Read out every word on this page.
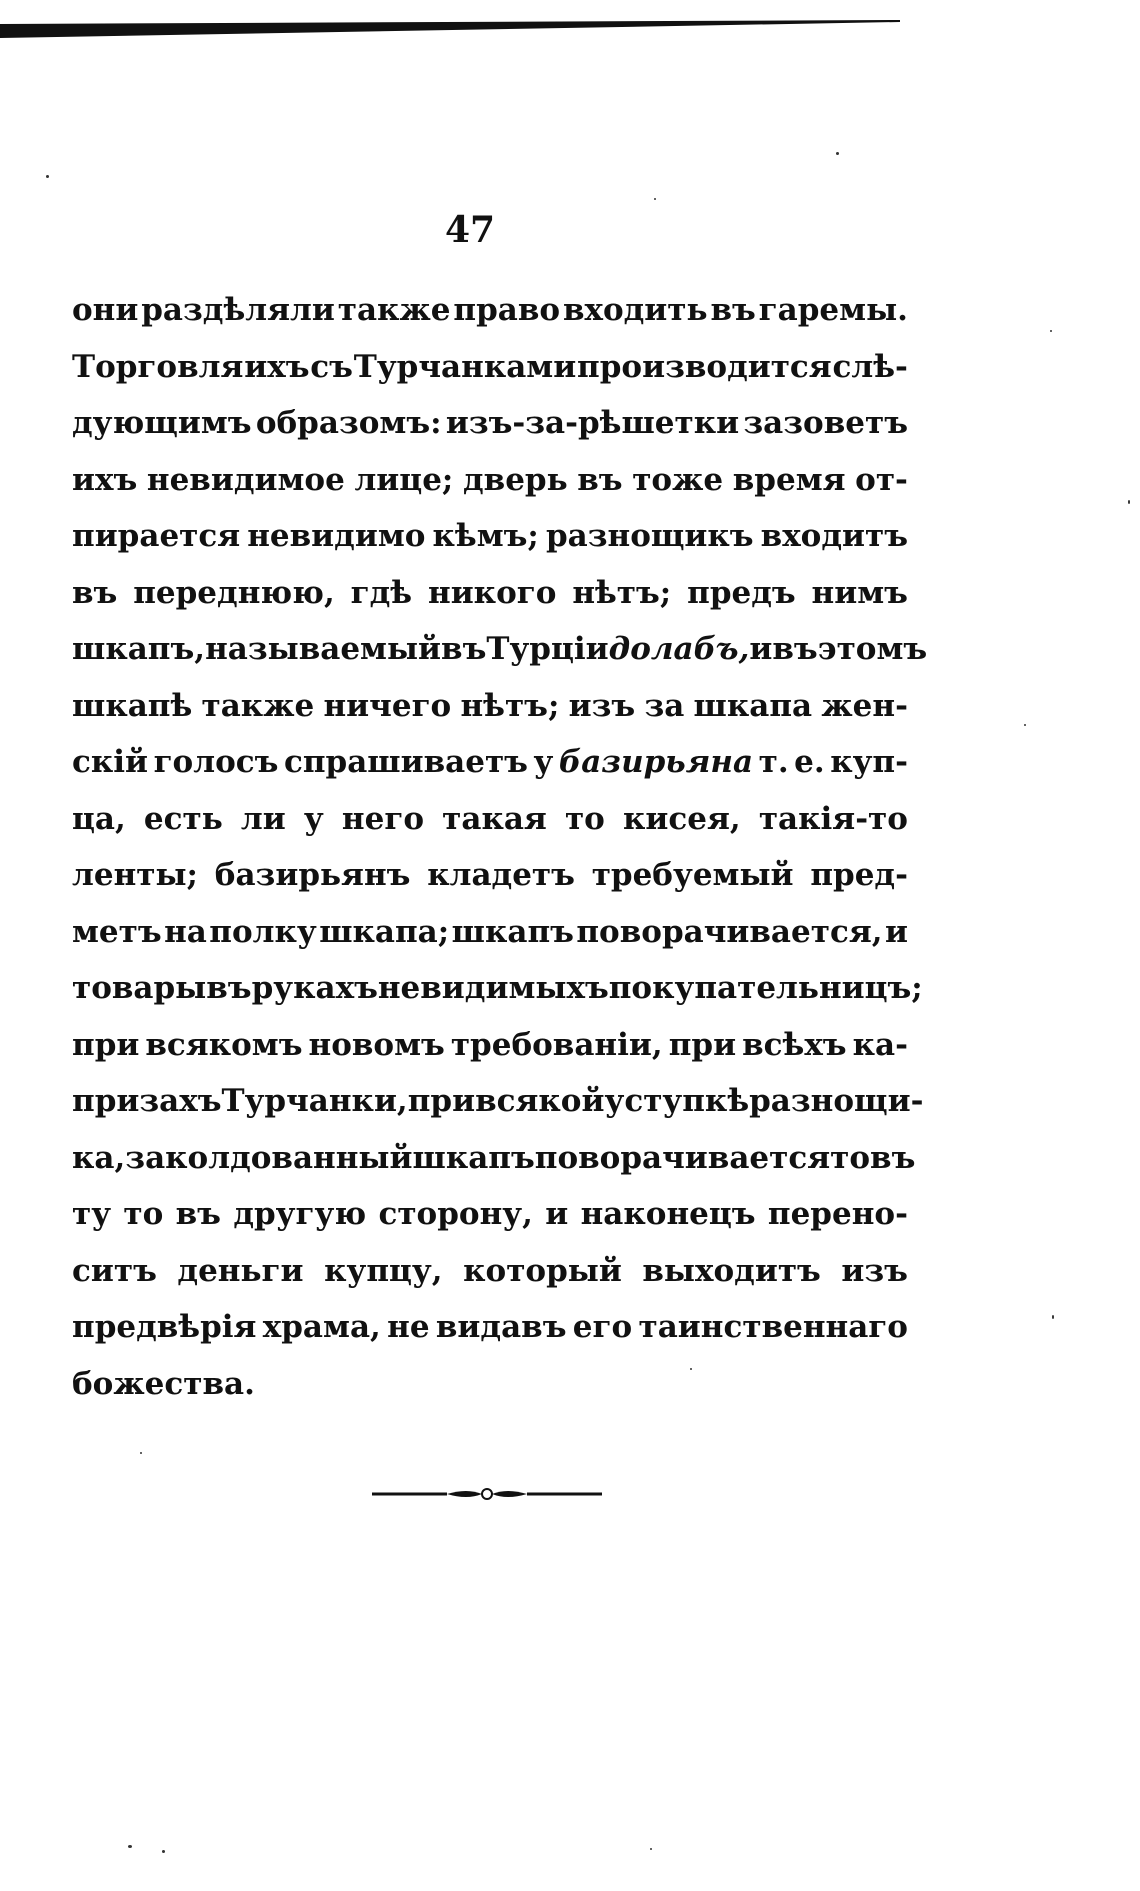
47
они раздѣляли также право входить въ гаремы.
Торговля ихъ съ Турчанками производится слѣ-
дующимъ образомъ: изъ-за-рѣшетки зазоветъ
ихъ невидимое лице; дверь въ тоже время от-
пирается невидимо кѣмъ; разнощикъ входитъ
въ переднюю, гдѣ никого нѣтъ; предъ нимъ
шкапъ, называемый въ Турціи долабъ, и въ этомъ
шкапѣ также ничего нѣтъ; изъ за шкапа жен-
скій голосъ спрашиваетъ у базирьяна т. е. куп-
ца, есть ли у него такая то кисея, такія-то
ленты; базирьянъ кладетъ требуемый пред-
метъ на полку шкапа; шкапъ поворачивается, и
товары въ рукахъ невидимыхъ покупательницъ;
при всякомъ новомъ требованіи, при всѣхъ ка-
призахъ Турчанки, при всякой уступкѣ разнощи-
ка, заколдованный шкапъ поворачивается то въ
ту то въ другую сторону, и наконецъ перено-
ситъ деньги купцу, который выходитъ изъ
предвѣрія храма, не видавъ его таинственнаго
божества.
